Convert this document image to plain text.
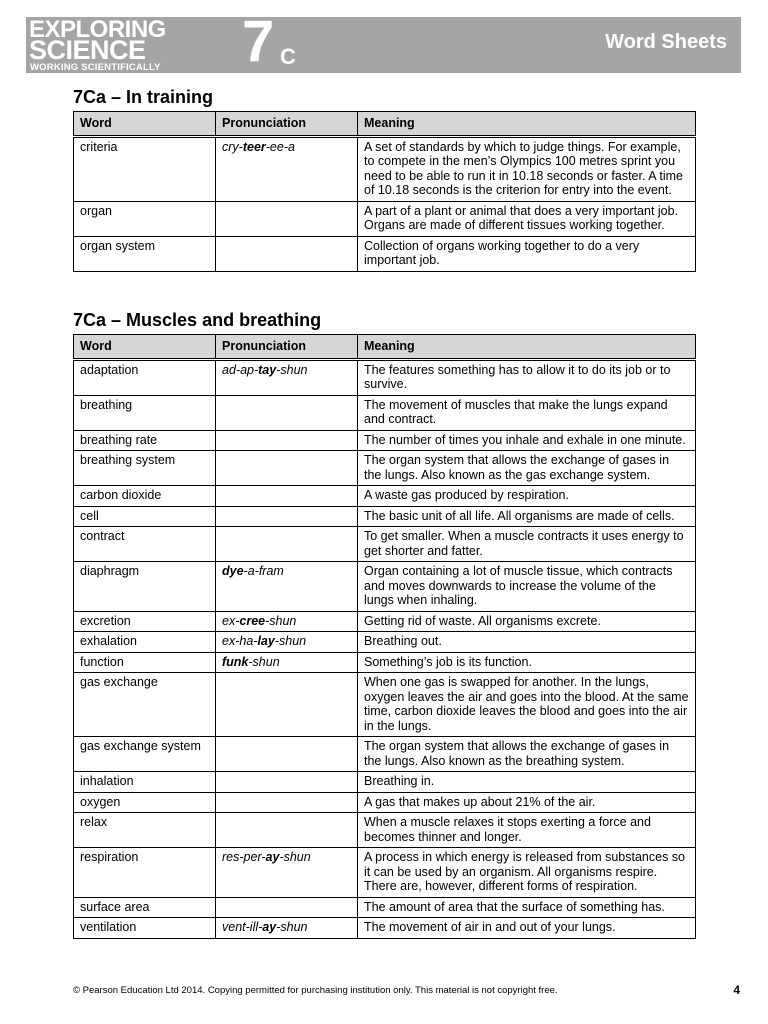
EXPLORING
SCIENCE
WORKING SCIENTIFICALLY 7 C
Word Sheets
7Ca – In training
Word	Pronunciation	Meaning
criteria	cry-teer-ee-a	A set of standards by which to judge things. For example, to compete in the men’s Olympics 100 metres sprint you need to be able to run it in 10.18 seconds or faster. A time of 10.18 seconds is the criterion for entry into the event.
organ		A part of a plant or animal that does a very important job. Organs are made of different tissues working together.
organ system		Collection of organs working together to do a very important job.
7Ca – Muscles and breathing
Word	Pronunciation	Meaning
adaptation	ad-ap-tay-shun	The features something has to allow it to do its job or to survive.
breathing		The movement of muscles that make the lungs expand and contract.
breathing rate		The number of times you inhale and exhale in one minute.
breathing system		The organ system that allows the exchange of gases in the lungs. Also known as the gas exchange system.
carbon dioxide		A waste gas produced by respiration.
cell		The basic unit of all life. All organisms are made of cells.
contract		To get smaller. When a muscle contracts it uses energy to get shorter and fatter.
diaphragm	dye-a-fram	Organ containing a lot of muscle tissue, which contracts and moves downwards to increase the volume of the lungs when inhaling.
excretion	ex-cree-shun	Getting rid of waste. All organisms excrete.
exhalation	ex-ha-lay-shun	Breathing out.
function	funk-shun	Something’s job is its function.
gas exchange		When one gas is swapped for another. In the lungs, oxygen leaves the air and goes into the blood. At the same time, carbon dioxide leaves the blood and goes into the air in the lungs.
gas exchange system		The organ system that allows the exchange of gases in the lungs. Also known as the breathing system.
inhalation		Breathing in.
oxygen		A gas that makes up about 21% of the air.
relax		When a muscle relaxes it stops exerting a force and becomes thinner and longer.
respiration	res-per-ay-shun	A process in which energy is released from substances so it can be used by an organism. All organisms respire. There are, however, different forms of respiration.
surface area		The amount of area that the surface of something has.
ventilation	vent-ill-ay-shun	The movement of air in and out of your lungs.
© Pearson Education Ltd 2014. Copying permitted for purchasing institution only. This material is not copyright free.	4
